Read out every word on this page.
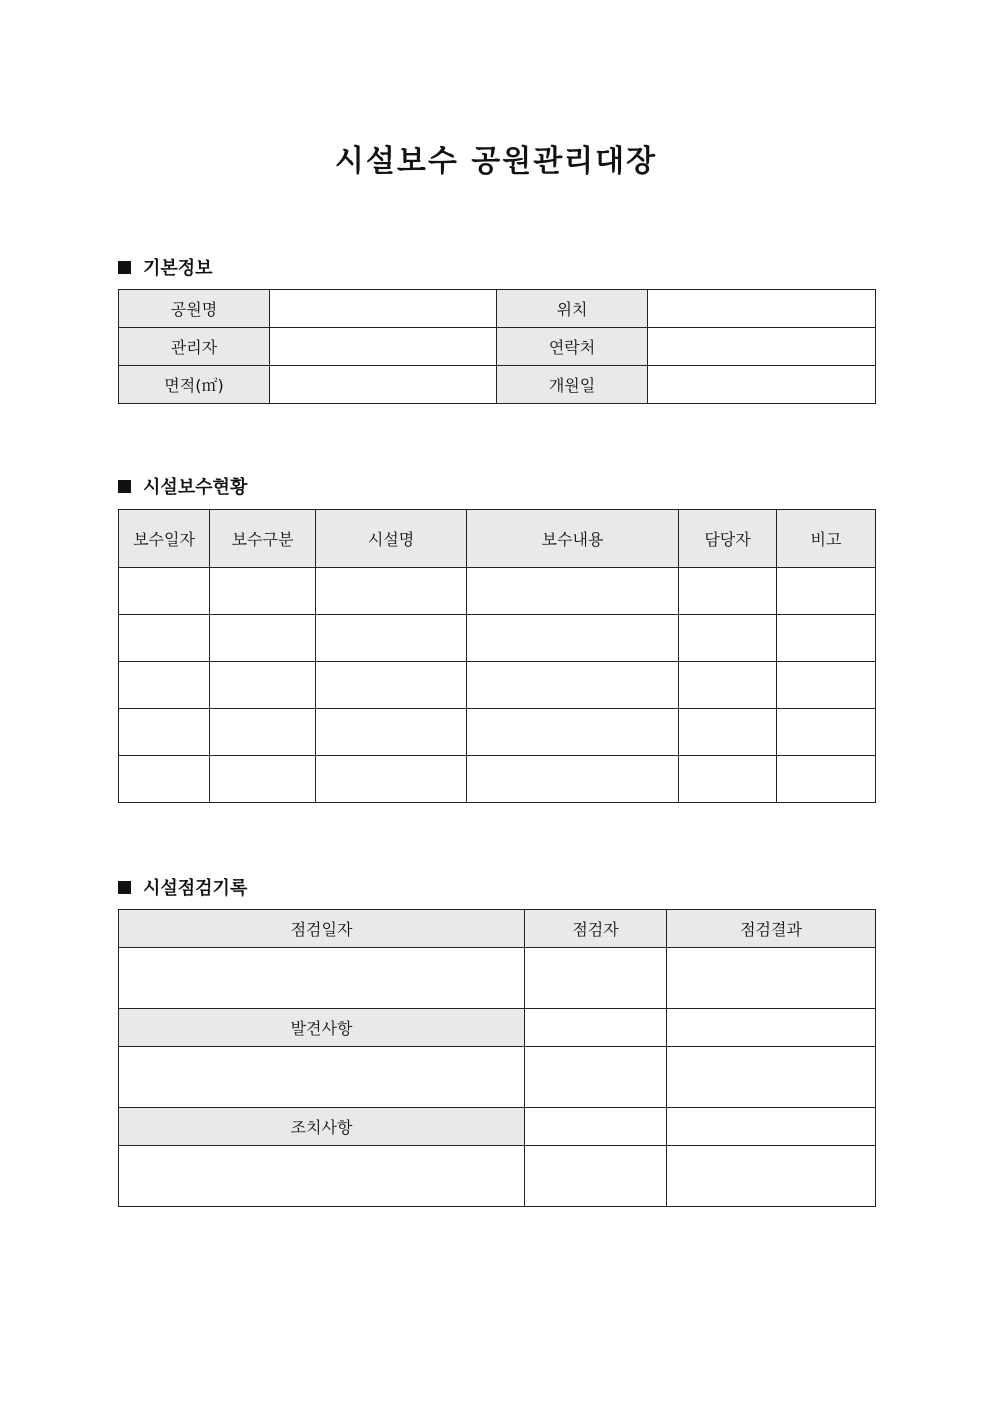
시설보수 공원관리대장
기본정보
공원명		위치	
관리자		연락처	
면적(㎡)		개원일	
시설보수현황
보수일자	보수구분	시설명	보수내용	담당자	비고

시설점검기록
점검일자	점검자	점검결과

발견사항		

조치사항		
